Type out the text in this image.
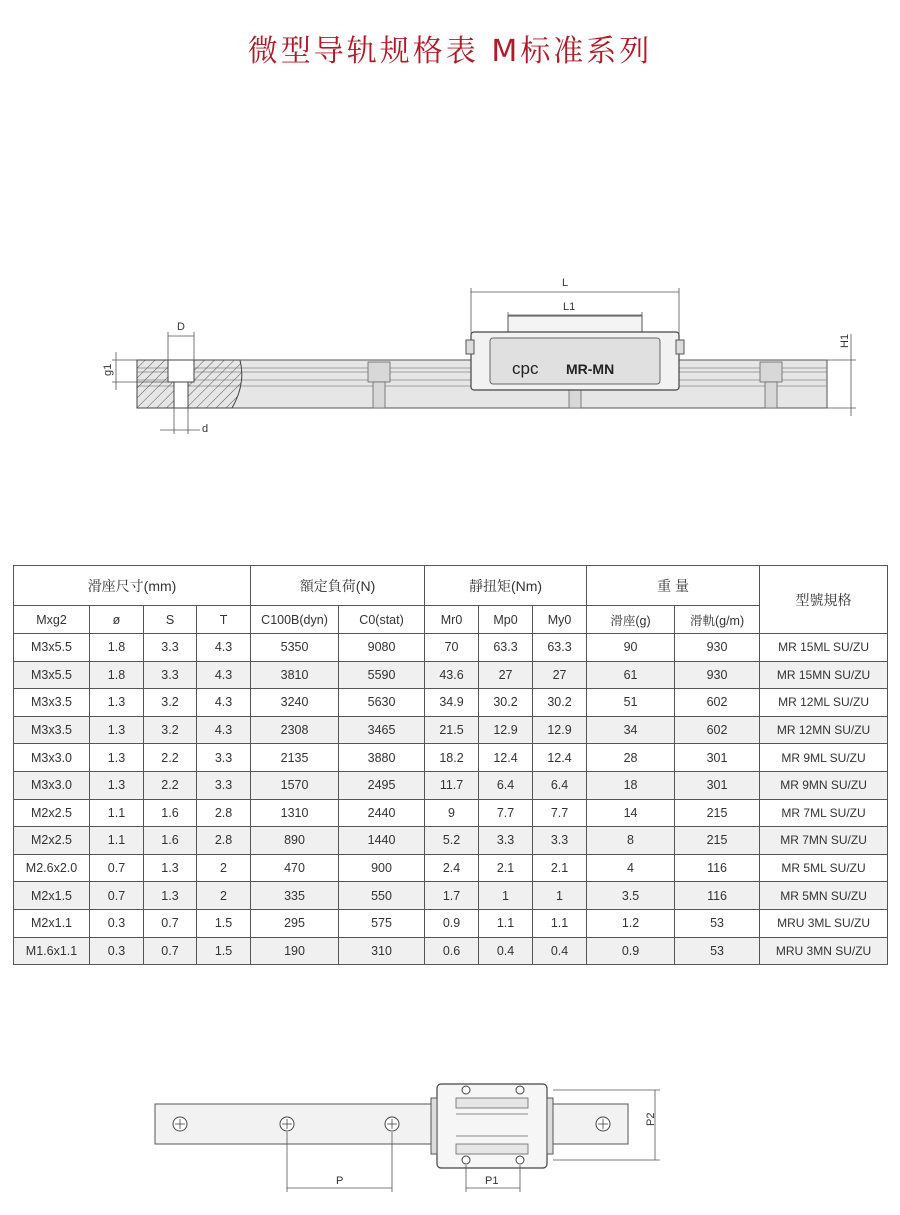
微型导轨规格表 M标准系列
cpc MR-MN
L
L1
D
d
g1
H1
滑座尺寸(mm)				額定負荷(N)		靜扭矩(Nm)			重 量		型號規格
Mxg2	ø	S	T	C100B(dyn)	C0(stat)	Mr0	Mp0	My0	滑座(g)	滑軌(g/m)	
M3x5.5	1.8	3.3	4.3	5350	9080	70	63.3	63.3	90	930	MR 15ML SU/ZU
M3x5.5	1.8	3.3	4.3	3810	5590	43.6	27	27	61	930	MR 15MN SU/ZU
M3x3.5	1.3	3.2	4.3	3240	5630	34.9	30.2	30.2	51	602	MR 12ML SU/ZU
M3x3.5	1.3	3.2	4.3	2308	3465	21.5	12.9	12.9	34	602	MR 12MN SU/ZU
M3x3.0	1.3	2.2	3.3	2135	3880	18.2	12.4	12.4	28	301	MR 9ML SU/ZU
M3x3.0	1.3	2.2	3.3	1570	2495	11.7	6.4	6.4	18	301	MR 9MN SU/ZU
M2x2.5	1.1	1.6	2.8	1310	2440	9	7.7	7.7	14	215	MR 7ML SU/ZU
M2x2.5	1.1	1.6	2.8	890	1440	5.2	3.3	3.3	8	215	MR 7MN SU/ZU
M2.6x2.0	0.7	1.3	2	470	900	2.4	2.1	2.1	4	116	MR 5ML SU/ZU
M2x1.5	0.7	1.3	2	335	550	1.7	1	1	3.5	116	MR 5MN SU/ZU
M2x1.1	0.3	0.7	1.5	295	575	0.9	1.1	1.1	1.2	53	MRU 3ML SU/ZU
M1.6x1.1	0.3	0.7	1.5	190	310	0.6	0.4	0.4	0.9	53	MRU 3MN SU/ZU
P	P1
P2
